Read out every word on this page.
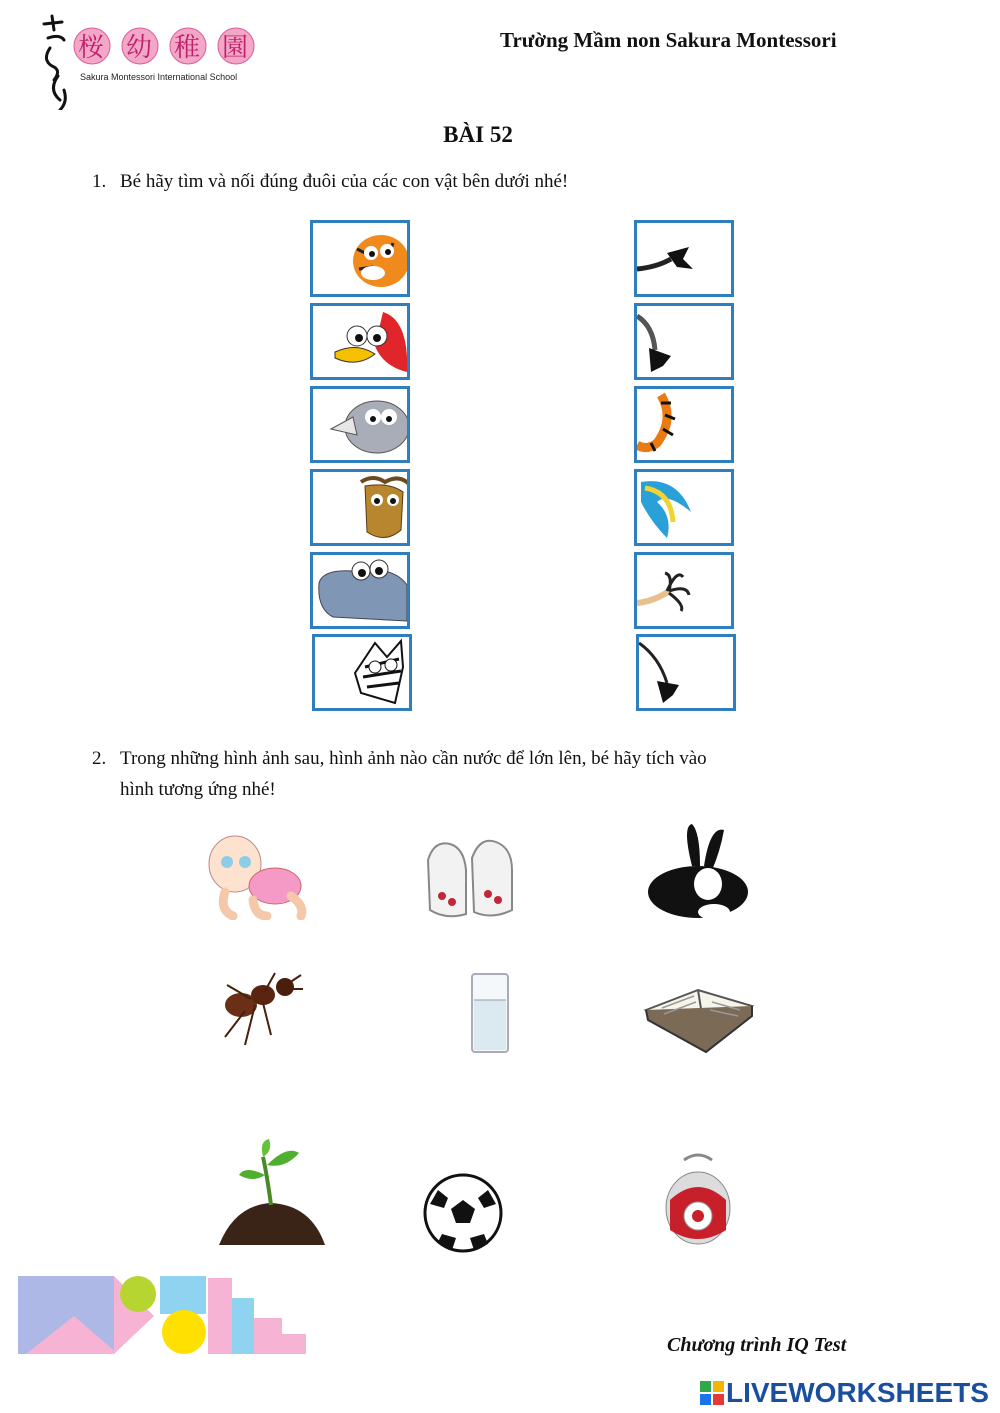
桜 幼 稚 園
Sakura Montessori International School
Trường Mầm non Sakura Montessori
BÀI 52
1. Bé hãy tìm và nối đúng đuôi của các con vật bên dưới nhé!
2. Trong những hình ảnh sau, hình ảnh nào cần nước để lớn lên, bé hãy tích vào
hình tương ứng nhé!
Chương trình IQ Test
LIVEWORKSHEETS
